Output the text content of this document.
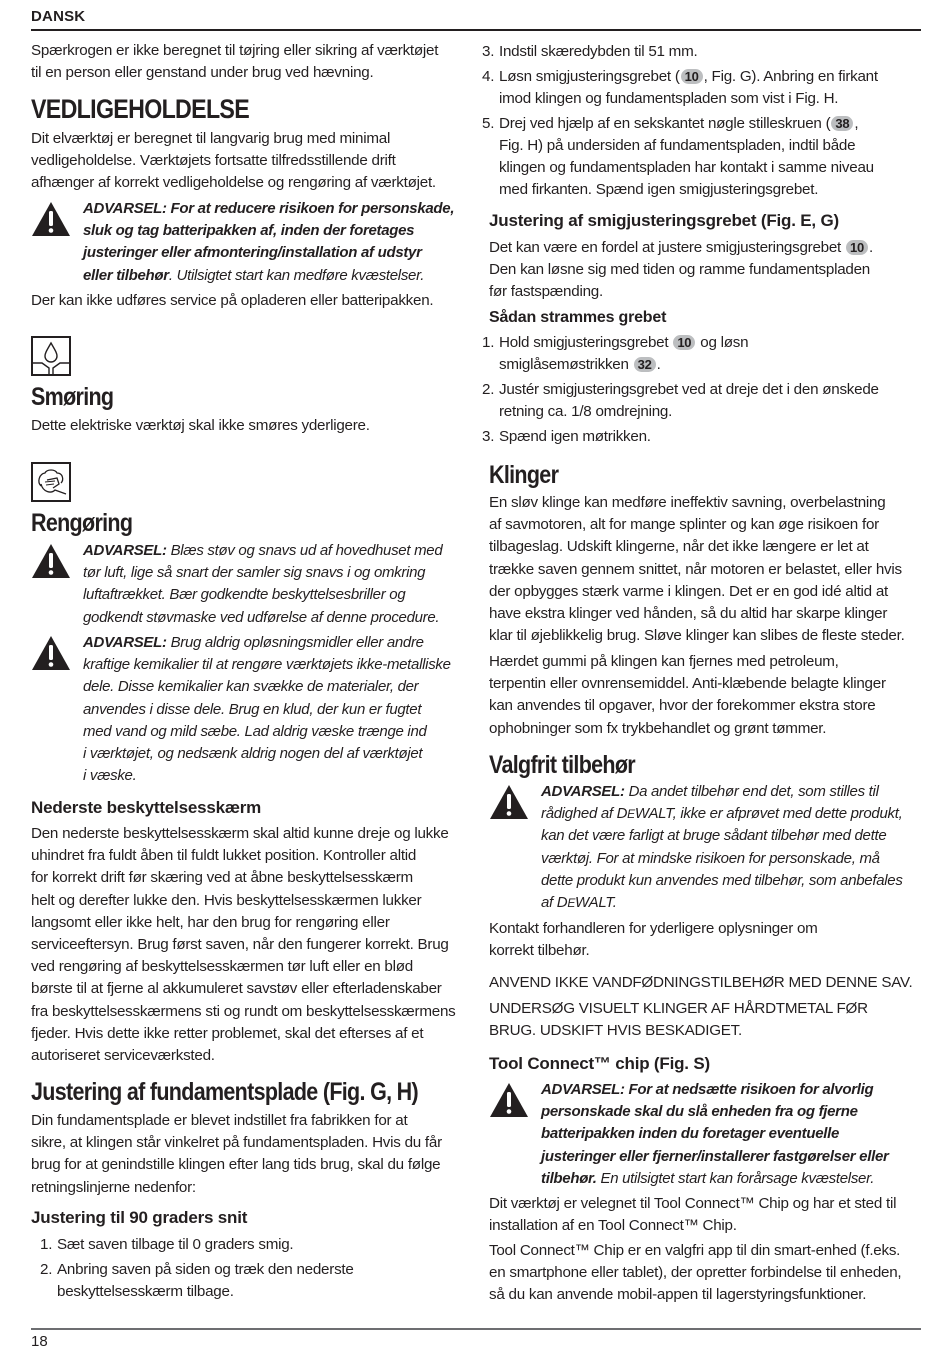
DANSK

Spærkrogen er ikke beregnet til tøjring eller sikring af værktøjet

til en person eller genstand under brug ved hævning.

VEDLIGEHOLDELSE

Dit elværktøj er beregnet til langvarig brug med minimal

vedligeholdelse. Værktøjets fortsatte tilfredsstillende drift

afhænger af korrekt vedligeholdelse og rengøring af værktøjet.

ADVARSEL: For at reducere risikoen for personskade,
sluk og tag batteripakken af, inden der foretages
justeringer eller afmontering/installation af udstyr
eller tilbehør. Utilsigtet start kan medføre kvæstelser.

Der kan ikke udføres service på opladeren eller batteripakken.

Smøring

Dette elektriske værktøj skal ikke smøres yderligere.

Rengøring
ADVARSEL: Blæs støv og snavs ud af hovedhuset med
tør luft, lige så snart der samler sig snavs i og omkring
luftaftrækket. Bær godkendte beskyttelsesbriller og
godkendt støvmaske ved udførelse af denne procedure.
ADVARSEL: Brug aldrig opløsningsmidler eller andre
kraftige kemikalier til at rengøre værktøjets ikke-metalliske
dele. Disse kemikalier kan svække de materialer, der
anvendes i disse dele. Brug en klud, der kun er fugtet
med vand og mild sæbe. Lad aldrig væske trænge ind
i værktøjet, og nedsænk aldrig nogen del af værktøjet
i væske.
Nederste beskyttelsesskærm

Den nederste beskyttelsesskærm skal altid kunne dreje og lukke

uhindret fra fuldt åben til fuldt lukket position. Kontroller altid

for korrekt drift før skæring ved at åbne beskyttelsesskærm

helt og derefter lukke den. Hvis beskyttelsesskærmen lukker

langsomt eller ikke helt, har den brug for rengøring eller

serviceeftersyn. Brug først saven, når den fungerer korrekt. Brug

ved rengøring af beskyttelsesskærmen tør luft eller en blød

børste til at fjerne al akkumuleret savstøv eller efterladenskaber

fra beskyttelsesskærmens sti og rundt om beskyttelsesskærmens

fjeder. Hvis dette ikke retter problemet, skal det efterses af et

autoriseret serviceværksted.

Justering af fundamentsplade (Fig. G, H)

Din fundamentsplade er blevet indstillet fra fabrikken for at

sikre, at klingen står vinkelret på fundamentspladen. Hvis du får

brug for at genindstille klingen efter lang tids brug, skal du følge

retningslinjerne nedenfor:

Justering til 90 graders snit
1. Sæt saven tilbage til 0 graders smig.
2. Anbring saven på siden og træk den nederste
beskyttelsesskærm tilbage.
3. Indstil skæredybden til 51 mm.
4. Løsn smigjusteringsgrebet ( 10 , Fig. G). Anbring en firkant
imod klingen og fundamentspladen som vist i Fig. H.
5. Drej ved hjælp af en sekskantet nøgle stilleskruen ( 38 ,
Fig. H) på undersiden af fundamentspladen, indtil både
klingen og fundamentspladen har kontakt i samme niveau
med firkanten. Spænd igen smigjusteringsgrebet.
Justering af smigjusteringsgrebet (Fig. E, G)

Det kan være en fordel at justere smigjusteringsgrebet 10 .

Den kan løsne sig med tiden og ramme fundamentspladen

før fastspænding.

Sådan strammes grebet
1. Hold smigjusteringsgrebet 10 og løsn
smiglåsemøstrikken 32 .
2. Justér smigjusteringsgrebet ved at dreje det i den ønskede
retning ca. 1/8 omdrejning.
3. Spænd igen møtrikken.
Klinger

En sløv klinge kan medføre ineffektiv savning, overbelastning

af savmotoren, alt for mange splinter og kan øge risikoen for

tilbageslag. Udskift klingerne, når det ikke længere er let at

trække saven gennem snittet, når motoren er belastet, eller hvis

der opbygges stærk varme i klingen. Det er en god idé altid at

have ekstra klinger ved hånden, så du altid har skarpe klinger

klar til øjeblikkelig brug. Sløve klinger kan slibes de fleste steder.

Hærdet gummi på klingen kan fjernes med petroleum,

terpentin eller ovnrensemiddel. Anti-klæbende belagte klinger

kan anvendes til opgaver, hvor der forekommer ekstra store

ophobninger som fx trykbehandlet og grønt tømmer.

Valgfrit tilbehør
ADVARSEL: Da andet tilbehør end det, som stilles til
rådighed af DEWALT, ikke er afprøvet med dette produkt,
kan det være farligt at bruge sådant tilbehør med dette
værktøj. For at mindske risikoen for personskade, må
dette produkt kun anvendes med tilbehør, som anbefales
af DEWALT.

Kontakt forhandleren for yderligere oplysninger om

korrekt tilbehør.

ANVEND IKKE VANDFØDNINGSTILBEHØR MED DENNE SAV.

UNDERSØG VISUELT KLINGER AF HÅRDTMETAL FØR

BRUG. UDSKIFT HVIS BESKADIGET.

Tool Connect™ chip (Fig. S)
ADVARSEL: For at nedsætte risikoen for alvorlig
personskade skal du slå enheden fra og fjerne
batteripakken inden du foretager eventuelle
justeringer eller fjerner/installerer fastgørelser eller
tilbehør. En utilsigtet start kan forårsage kvæstelser.

Dit værktøj er velegnet til Tool Connect™ Chip og har et sted til

installation af en Tool Connect™ Chip.

Tool Connect™ Chip er en valgfri app til din smart-enhed (f.eks.

en smartphone eller tablet), der opretter forbindelse til enheden,

så du kan anvende mobil-appen til lagerstyringsfunktioner.

18
